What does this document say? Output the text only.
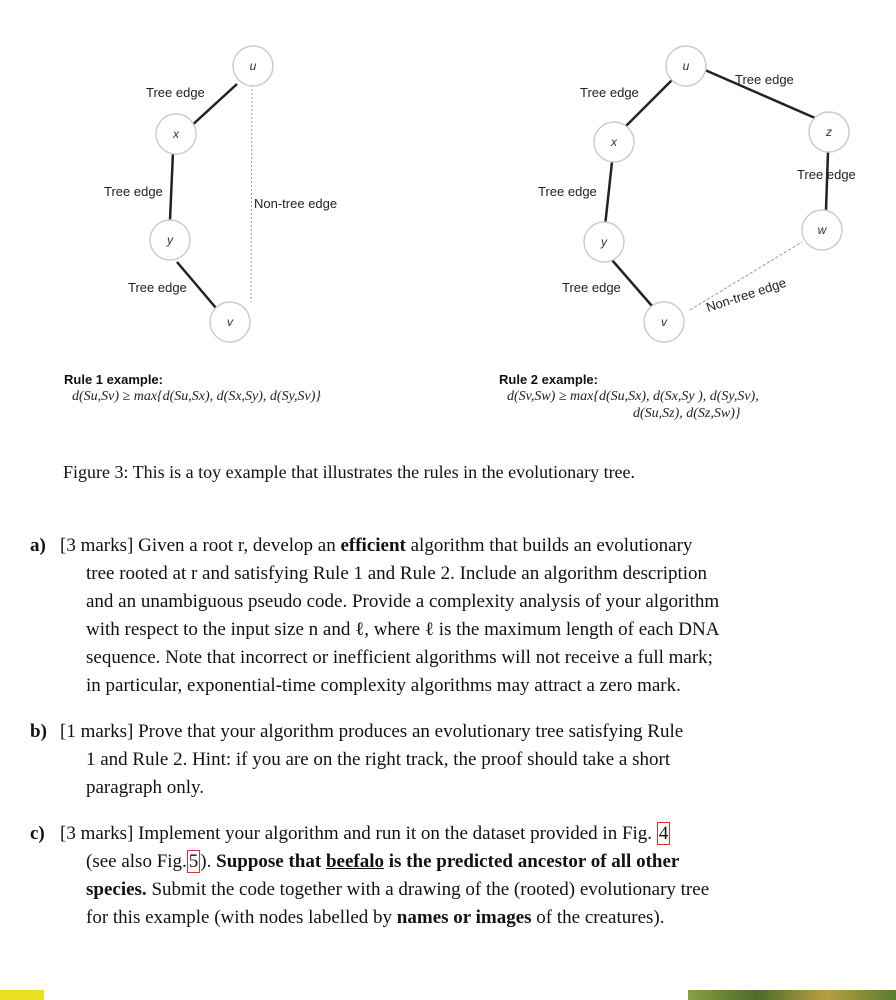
u
x
y
v
Tree edge
Tree edge
Tree edge
Non-tree edge
u
x
y
v
z
w
Tree edge
Tree edge
Tree edge
Tree edge
Tree edge
Non-tree edge
Rule 1 example:
d(Su,Sv) ≥ max{d(Su,Sx), d(Sx,Sy), d(Sy,Sv)}
Rule 2 example:
d(Sv,Sw) ≥ max{d(Su,Sx), d(Sx,Sy ), d(Sy,Sv),
d(Su,Sz), d(Sz,Sw)}
Figure 3: This is a toy example that illustrates the rules in the evolutionary tree.
a) [3 marks] Given a root r, develop an efficient algorithm that builds an evolutionary
tree rooted at r and satisfying Rule 1 and Rule 2. Include an algorithm description
and an unambiguous pseudo code. Provide a complexity analysis of your algorithm
with respect to the input size n and ℓ, where ℓ is the maximum length of each DNA
sequence. Note that incorrect or inefficient algorithms will not receive a full mark;
in particular, exponential-time complexity algorithms may attract a zero mark.
b) [1 marks] Prove that your algorithm produces an evolutionary tree satisfying Rule
1 and Rule 2. Hint: if you are on the right track, the proof should take a short
paragraph only.
c) [3 marks] Implement your algorithm and run it on the dataset provided in Fig. 4
(see also Fig. 5 ). Suppose that beefalo is the predicted ancestor of all other
species. Submit the code together with a drawing of the (rooted) evolutionary tree
for this example (with nodes labelled by names or images of the creatures).
